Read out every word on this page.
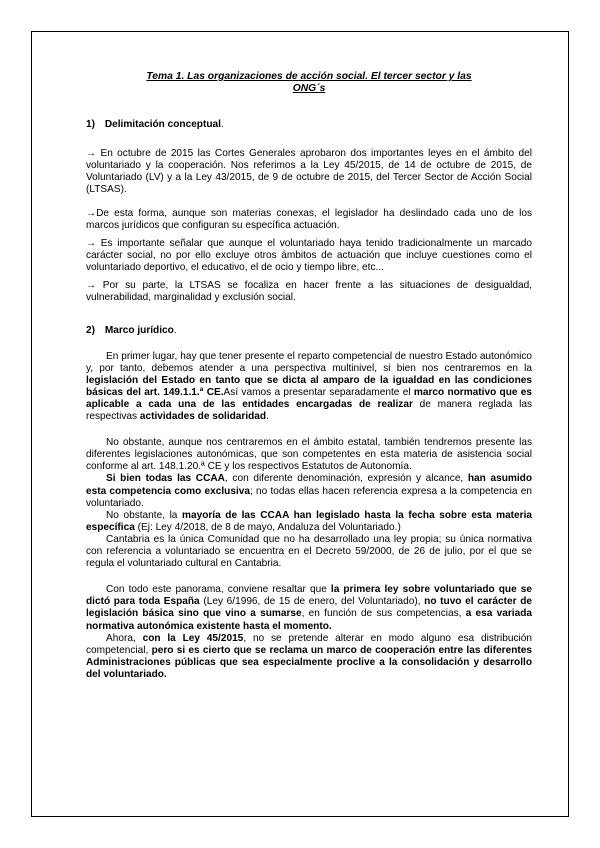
Tema 1. Las organizaciones de acción social. El tercer sector y las
ONG´s
1) Delimitación conceptual.

→ En octubre de 2015 las Cortes Generales aprobaron dos importantes leyes en el ámbito del voluntariado y la cooperación. Nos referimos a la Ley 45/2015, de 14 de octubre de 2015, de Voluntariado (LV) y a la Ley 43/2015, de 9 de octubre de 2015, del Tercer Sector de Acción Social (LTSAS).

→De esta forma, aunque son materias conexas, el legislador ha deslindado cada uno de los marcos jurídicos que configuran su específica actuación.

→ Es importante señalar que aunque el voluntariado haya tenido tradicionalmente un marcado carácter social, no por ello excluye otros ámbitos de actuación que incluye cuestiones como el voluntariado deportivo, el educativo, el de ocio y tiempo libre, etc...

→ Por su parte, la LTSAS se focaliza en hacer frente a las situaciones de desigualdad, vulnerabilidad, marginalidad y exclusión social.

2) Marco jurídico.

En primer lugar, hay que tener presente el reparto competencial de nuestro Estado autonómico y, por tanto, debemos atender a una perspectiva multinivel, si bien nos centraremos en la legislación del Estado en tanto que se dicta al amparo de la igualdad en las condiciones básicas del art. 149.1.1.ª CE.Así vamos a presentar separadamente el marco normativo que es aplicable a cada una de las entidades encargadas de realizar de manera reglada las respectivas actividades de solidaridad.

No obstante, aunque nos centraremos en el ámbito estatal, también tendremos presente las diferentes legislaciones autonómicas, que son competentes en esta materia de asistencia social conforme al art. 148.1.20.ª CE y los respectivos Estatutos de Autonomía.

Si bien todas las CCAA, con diferente denominación, expresión y alcance, han asumido esta competencia como exclusiva; no todas ellas hacen referencia expresa a la competencia en voluntariado.

No obstante, la mayoría de las CCAA han legislado hasta la fecha sobre esta materia específica (Ej: Ley 4/2018, de 8 de mayo, Andaluza del Voluntariado.)

Cantabria es la única Comunidad que no ha desarrollado una ley propia; su única normativa con referencia a voluntariado se encuentra en el Decreto 59/2000, de 26 de julio, por el que se regula el voluntariado cultural en Cantabria.

Con todo este panorama, conviene resaltar que la primera ley sobre voluntariado que se dictó para toda España (Ley 6/1996, de 15 de enero, del Voluntariado), no tuvo el carácter de legislación básica sino que vino a sumarse, en función de sus competencias, a esa variada normativa autonómica existente hasta el momento.

Ahora, con la Ley 45/2015, no se pretende alterar en modo alguno esa distribución competencial, pero si es cierto que se reclama un marco de cooperación entre las diferentes Administraciones públicas que sea especialmente proclive a la consolidación y desarrollo del voluntariado.
